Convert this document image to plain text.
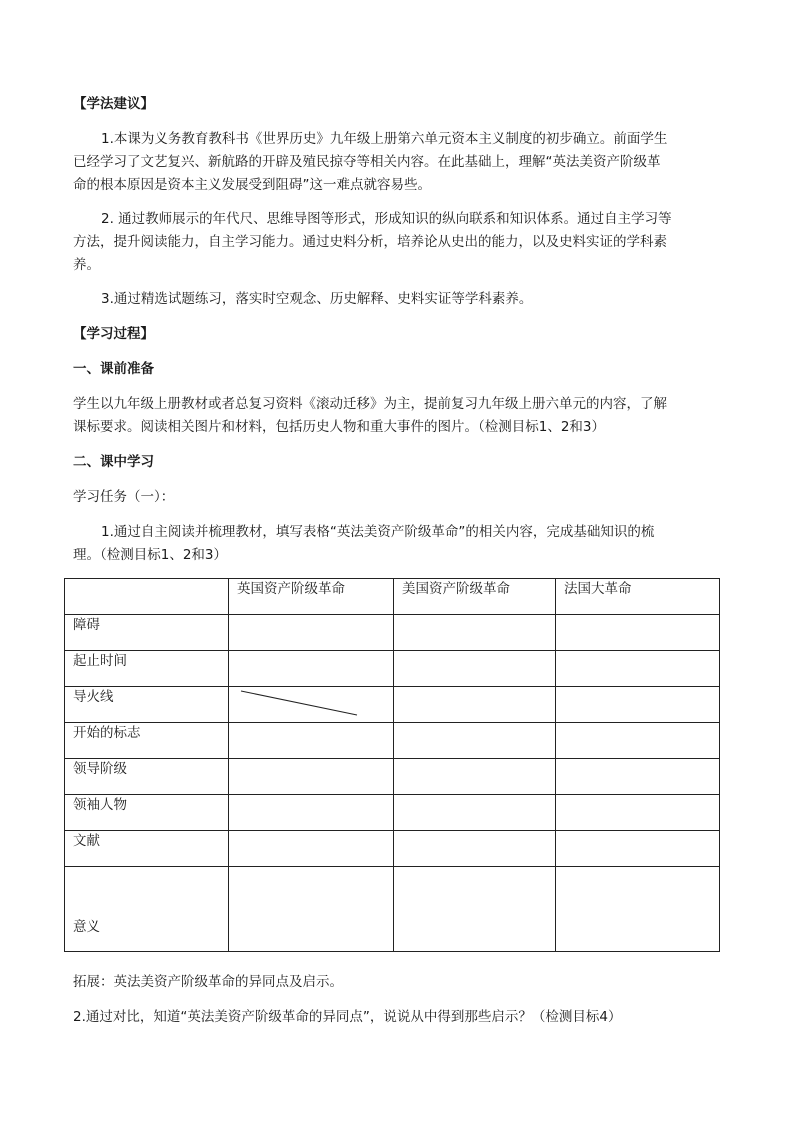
【学法建议】
1.本课为义务教育教科书《世界历史》九年级上册第六单元资本主义制度的初步确立。前面学生
已经学习了文艺复兴、新航路的开辟及殖民掠夺等相关内容。在此基础上，理解“英法美资产阶级革
命的根本原因是资本主义发展受到阻碍”这一难点就容易些。
2. 通过教师展示的年代尺、思维导图等形式，形成知识的纵向联系和知识体系。通过自主学习等
方法，提升阅读能力，自主学习能力。通过史料分析，培养论从史出的能力，以及史料实证的学科素
养。
3.通过精选试题练习，落实时空观念、历史解释、史料实证等学科素养。
【学习过程】
一、课前准备
学生以九年级上册教材或者总复习资料《滚动迁移》为主，提前复习九年级上册六单元的内容，了解
课标要求。阅读相关图片和材料，包括历史人物和重大事件的图片。（检测目标1、2和3）
二、课中学习
学习任务（一）：
1.通过自主阅读并梳理教材，填写表格“英法美资产阶级革命”的相关内容，完成基础知识的梳
理。（检测目标1、2和3）
	英国资产阶级革命	美国资产阶级革命	法国大革命
障碍			
起止时间			
导火线	

开始的标志			
领导阶级			
领袖人物			
文献			
意义			
拓展：英法美资产阶级革命的异同点及启示。
2.通过对比，知道“英法美资产阶级革命的异同点”，说说从中得到那些启示？（检测目标4）
